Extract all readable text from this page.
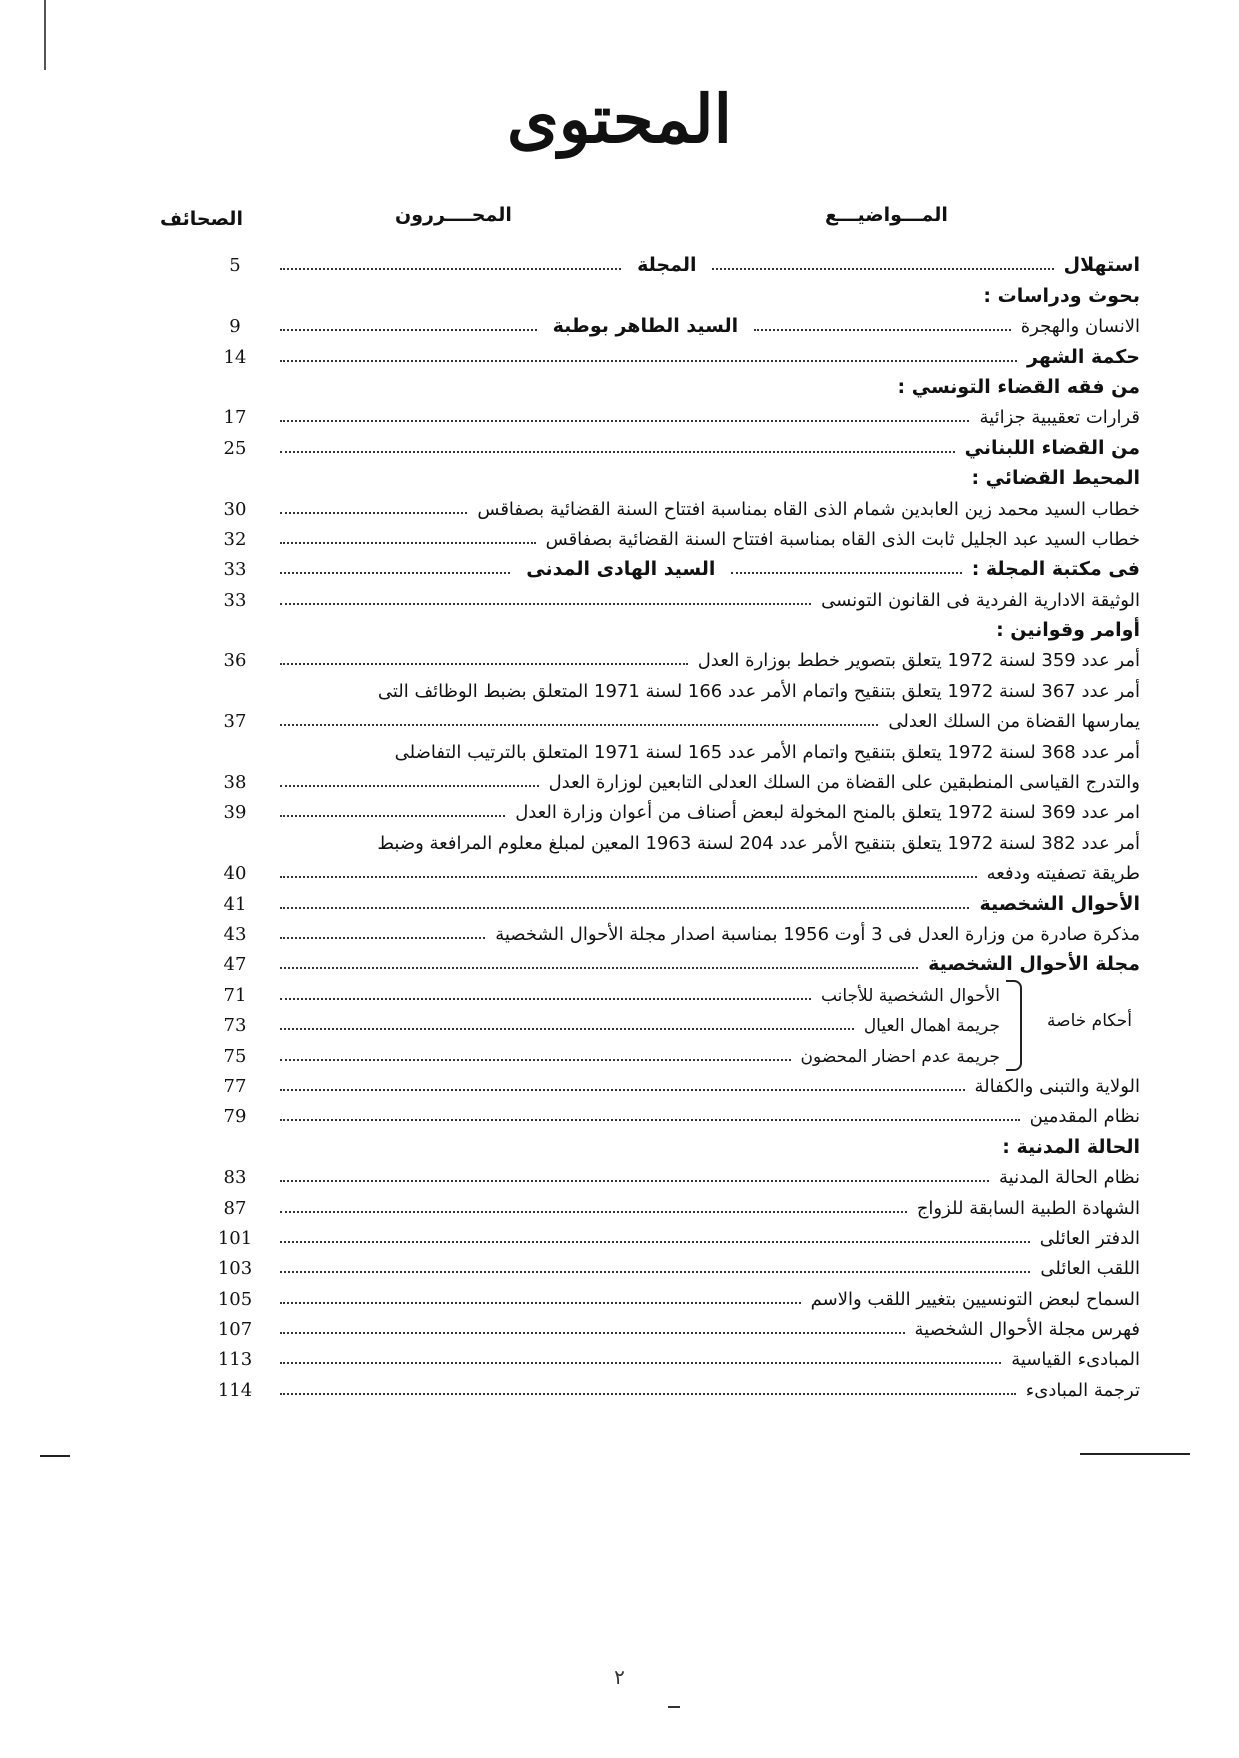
المحتوى
الصحائف	المحــــررون	المـــواضيـــع
استهلال
المجلة
5
بحوث ودراسات :
الانسان والهجرة
السيد الطاهر بوطبة
9
حكمة الشهر
14
من فقه القضاء التونسي :
قرارات تعقيبية جزائية
17
من القضاء اللبناني
25
المحيط القضائي :
خطاب السيد محمد زين العابدين شمام الذى القاه بمناسبة افتتاح السنة القضائية بصفاقس
30
خطاب السيد عبد الجليل ثابت الذى القاه بمناسبة افتتاح السنة القضائية بصفاقس
32
فى مكتبة المجلة :
السيد الهادى المدنى
33
الوثيقة الادارية الفردية فى القانون التونسى
33
أوامر وقوانين :
أمر عدد 359 لسنة 1972 يتعلق بتصوير خطط بوزارة العدل
36
أمر عدد 367 لسنة 1972 يتعلق بتنقيح واتمام الأمر عدد 166 لسنة 1971 المتعلق بضبط الوظائف التى
يمارسها القضاة من السلك العدلى
37
أمر عدد 368 لسنة 1972 يتعلق بتنقيح واتمام الأمر عدد 165 لسنة 1971 المتعلق بالترتيب التفاضلى
والتدرج القياسى المنطبقين على القضاة من السلك العدلى التابعين لوزارة العدل
38
امر عدد 369 لسنة 1972 يتعلق بالمنح المخولة لبعض أصناف من أعوان وزارة العدل
39
أمر عدد 382 لسنة 1972 يتعلق بتنقيح الأمر عدد 204 لسنة 1963 المعين لمبلغ معلوم المرافعة وضبط
طريقة تصفيته ودفعه
40
الأحوال الشخصية
41
مذكرة صادرة من وزارة العدل فى 3 أوت 1956 بمناسبة اصدار مجلة الأحوال الشخصية
43
مجلة الأحوال الشخصية
47
الأحوال الشخصية للأجانب
71
جريمة اهمال العيال
73
جريمة عدم احضار المحضون
75
الولاية والتبنى والكفالة
77
نظام المقدمين
79
الحالة المدنية :
نظام الحالة المدنية
83
الشهادة الطبية السابقة للزواج
87
الدفتر العائلى
101
اللقب العائلى
103
السماح لبعض التونسيين بتغيير اللقب والاسم
105
فهرس مجلة الأحوال الشخصية
107
المبادىء القياسية
113
ترجمة المبادىء
114
٢
أحكام خاصة
